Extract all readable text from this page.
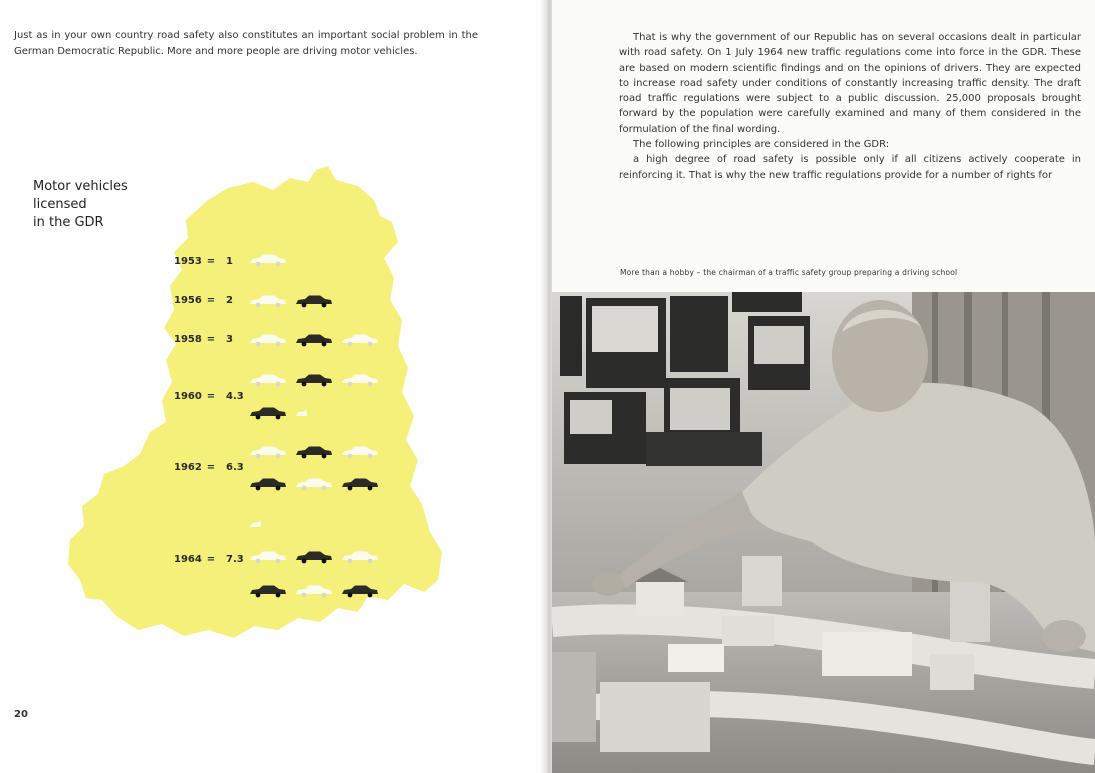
Just as in your own country road safety also constitutes an important social problem in the German Democratic Republic. More and more people are driving motor vehicles.
Motor vehicles
licensed
in the GDR
1953 = 1
1956 = 2
1958 = 3
1960 = 4.3
1962 = 6.3
1964 = 7.3
20

That is why the government of our Republic has on several occasions dealt in particular with road safety. On 1 July 1964 new traffic regulations come into force in the GDR. These are based on modern scientific findings and on the opinions of drivers. They are expected to increase road safety under conditions of constantly increasing traffic density. The draft road traffic regulations were subject to a public discussion. 25,000 proposals brought forward by the population were carefully examined and many of them considered in the formulation of the final wording.

The following principles are considered in the GDR:

a high degree of road safety is possible only if all citizens actively cooperate in reinforcing it. That is why the new traffic regulations provide for a number of rights for

More than a hobby – the chairman of a traffic safety group preparing a driving school
